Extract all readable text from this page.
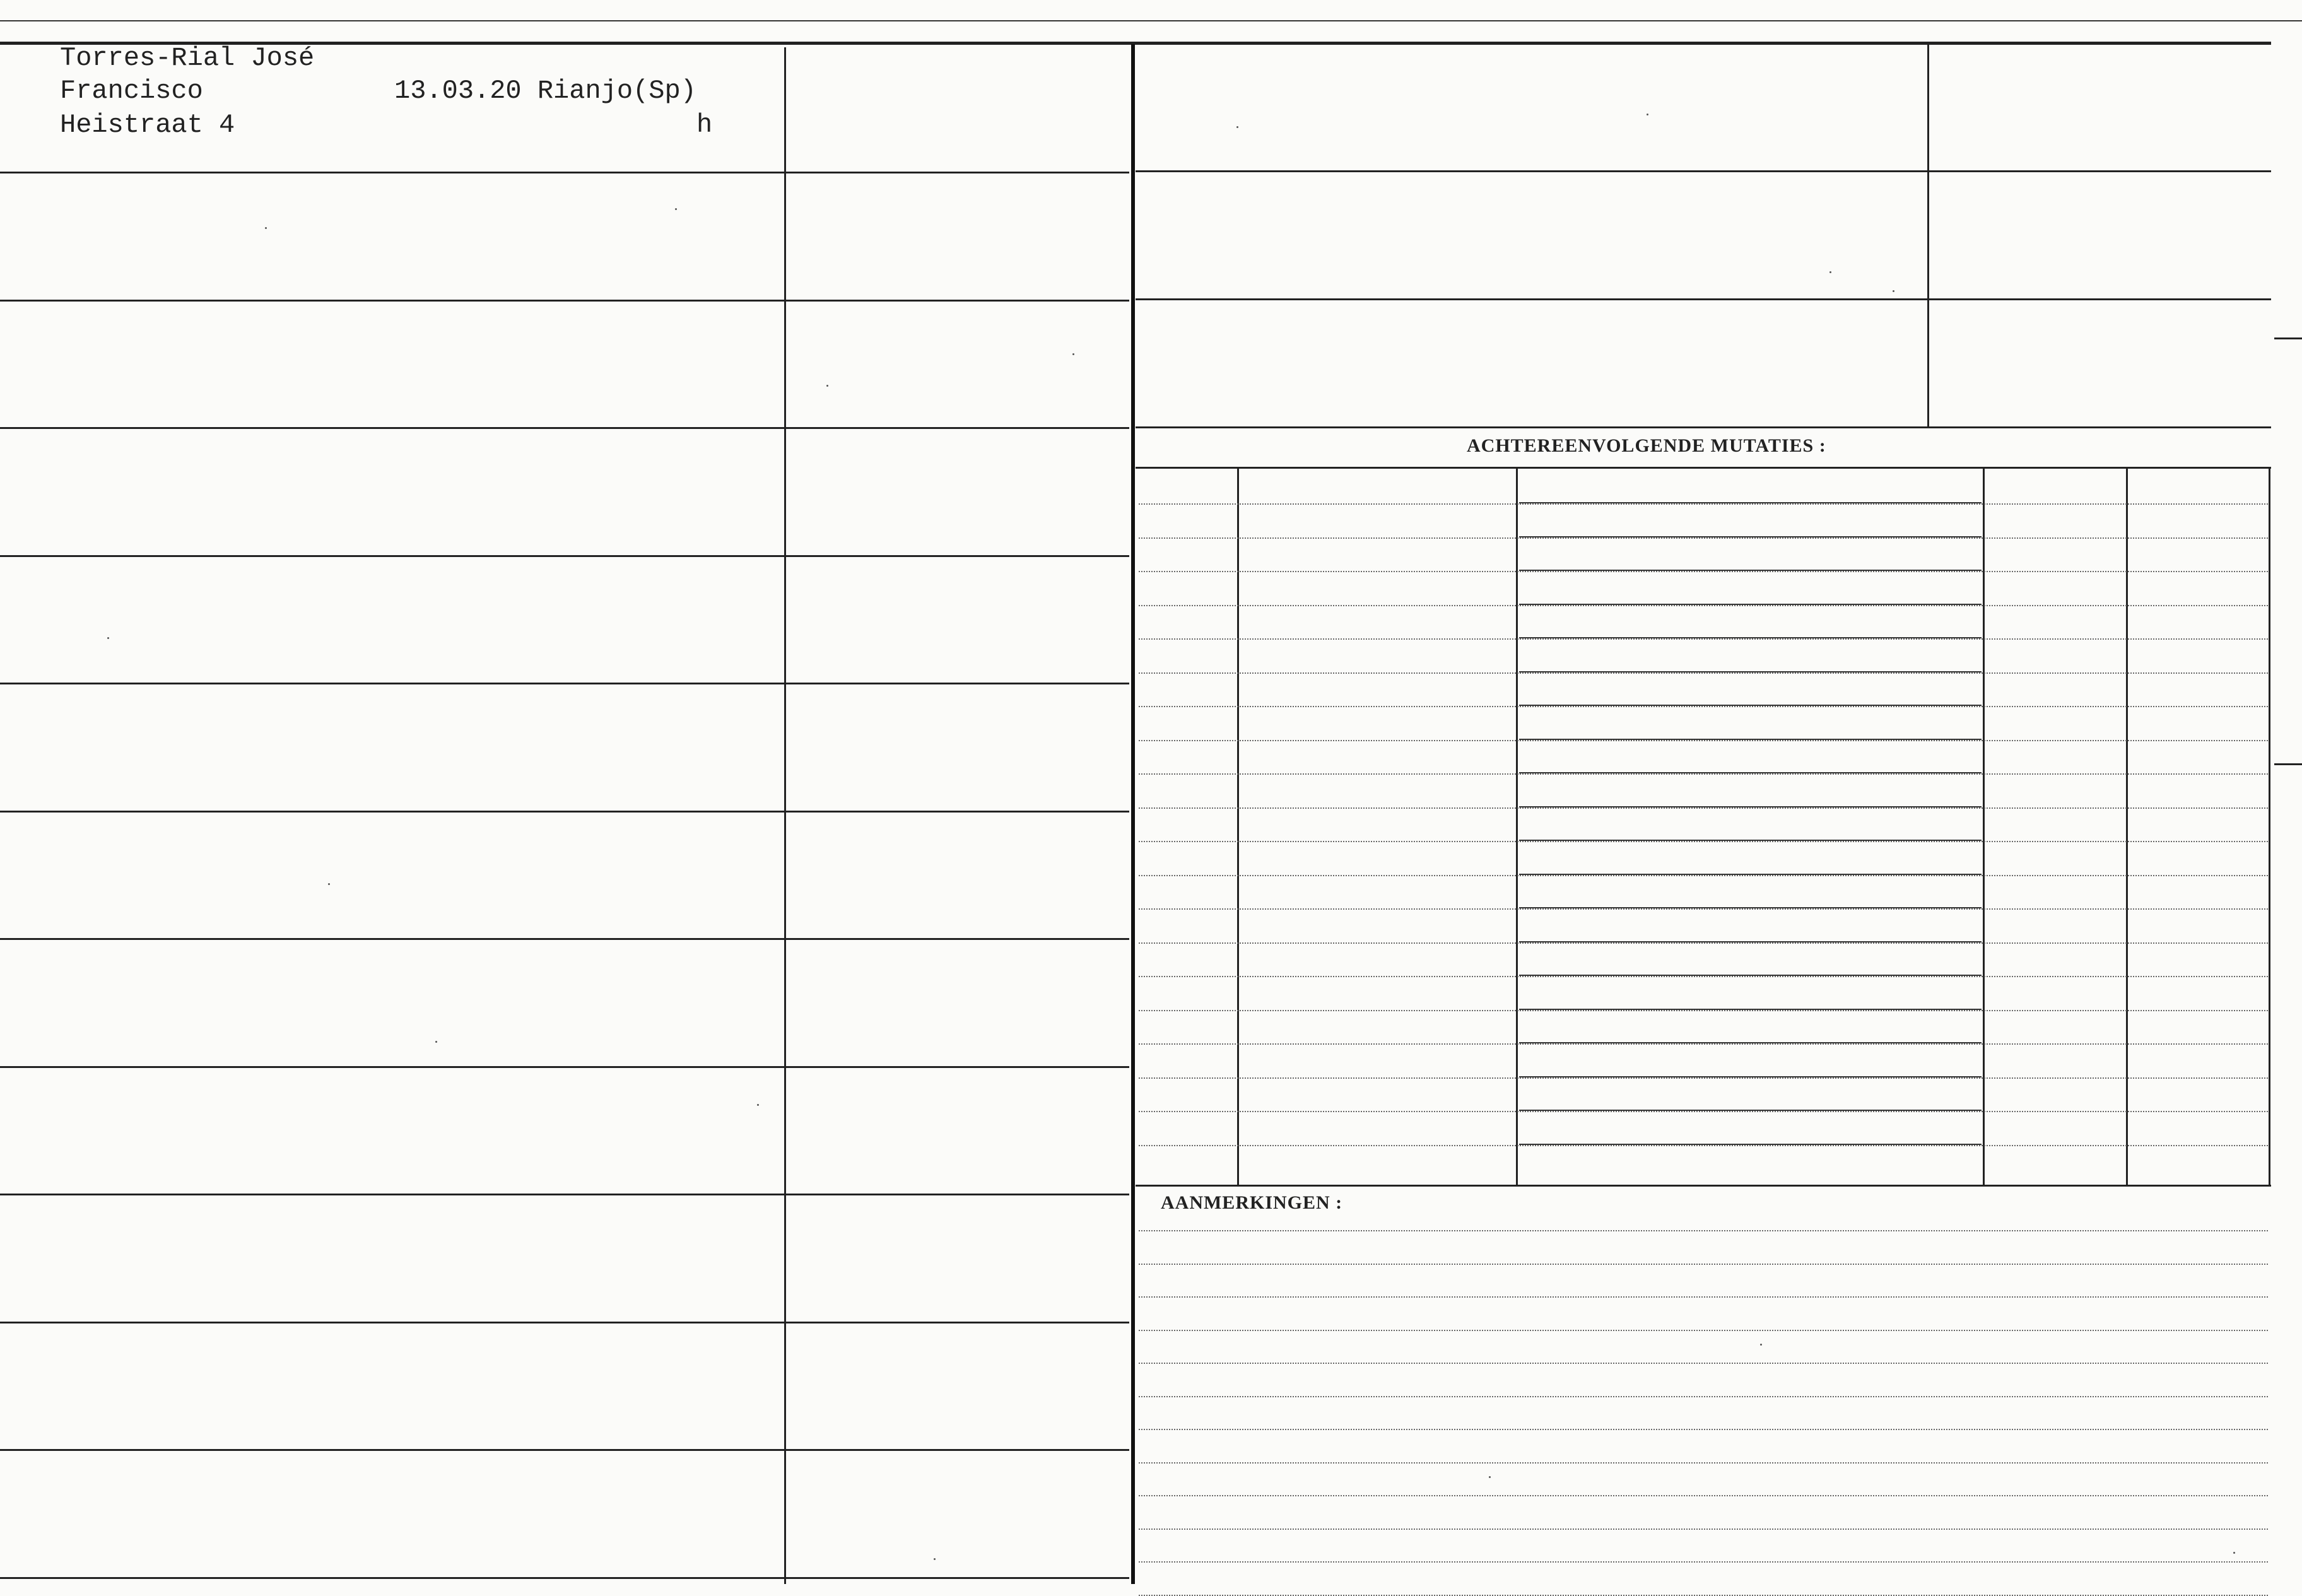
Torres-Rial José
Francisco
Heistraat 4
13.03.20 Rianjo(Sp)
h
ACHTEREENVOLGENDE MUTATIES :
AANMERKINGEN :
